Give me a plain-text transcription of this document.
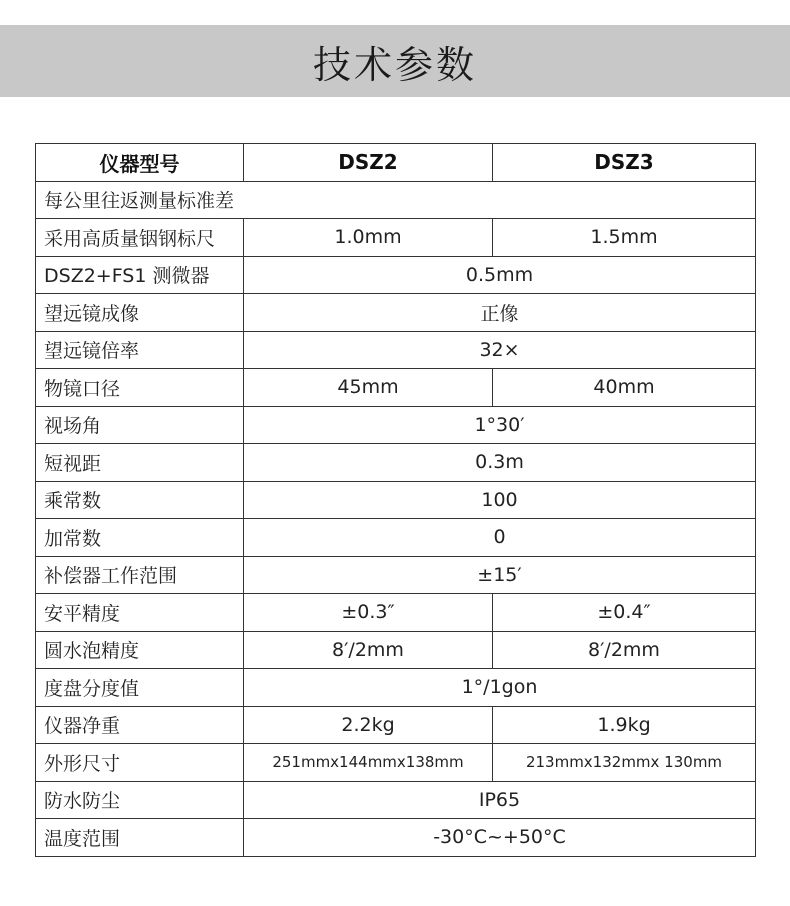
技术参数
仪器型号	DSZ2	DSZ3
每公里往返测量标准差		
采用高质量铟钢标尺	1.0mm	1.5mm
DSZ2+FS1 测微器	0.5mm	
望远镜成像	正像	
望远镜倍率	32×	
物镜口径	45mm	40mm
视场角	1°30′	
短视距	0.3m	
乘常数	100	
加常数	0	
补偿器工作范围	±15′	
安平精度	±0.3″	±0.4″
圆水泡精度	8′/2mm	8′/2mm
度盘分度值	1°/1gon	
仪器净重	2.2kg	1.9kg
外形尺寸	251mmx144mmx138mm	213mmx132mmx 130mm
防水防尘	IP65	
温度范围	-30°C~+50°C	
